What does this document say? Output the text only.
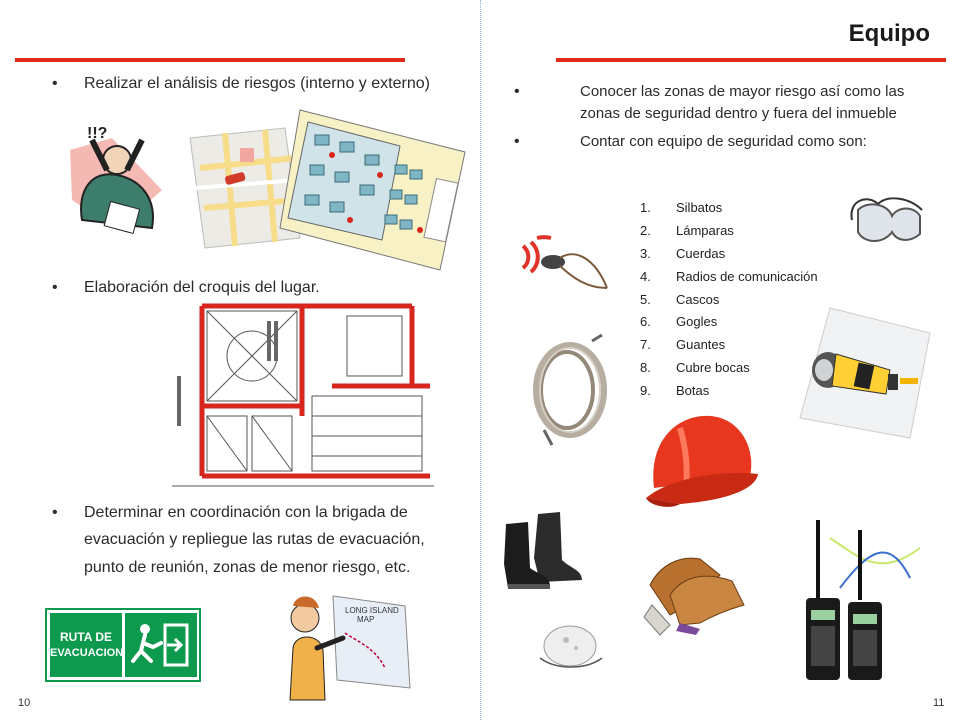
• Realizar el análisis de riesgos (interno y externo)
!!?
• Elaboración del croquis del lugar.
• Determinar en coordinación con la brigada de
evacuación y repliegue las rutas de evacuación,
punto de reunión, zonas de menor riesgo, etc.
RUTA DE
EVACUACION
LONG ISLAND
MAP
10
Equipo
•	Conocer las zonas de mayor riesgo así como las
zonas de seguridad dentro y fuera del inmueble
•	Contar con equipo de seguridad como son:
1.	Silbatos
2.	Lámparas
3.	Cuerdas
4.	Radios de comunicación
5.	Cascos
6.	Gogles
7.	Guantes
8.	Cubre bocas
9.	Botas
11
